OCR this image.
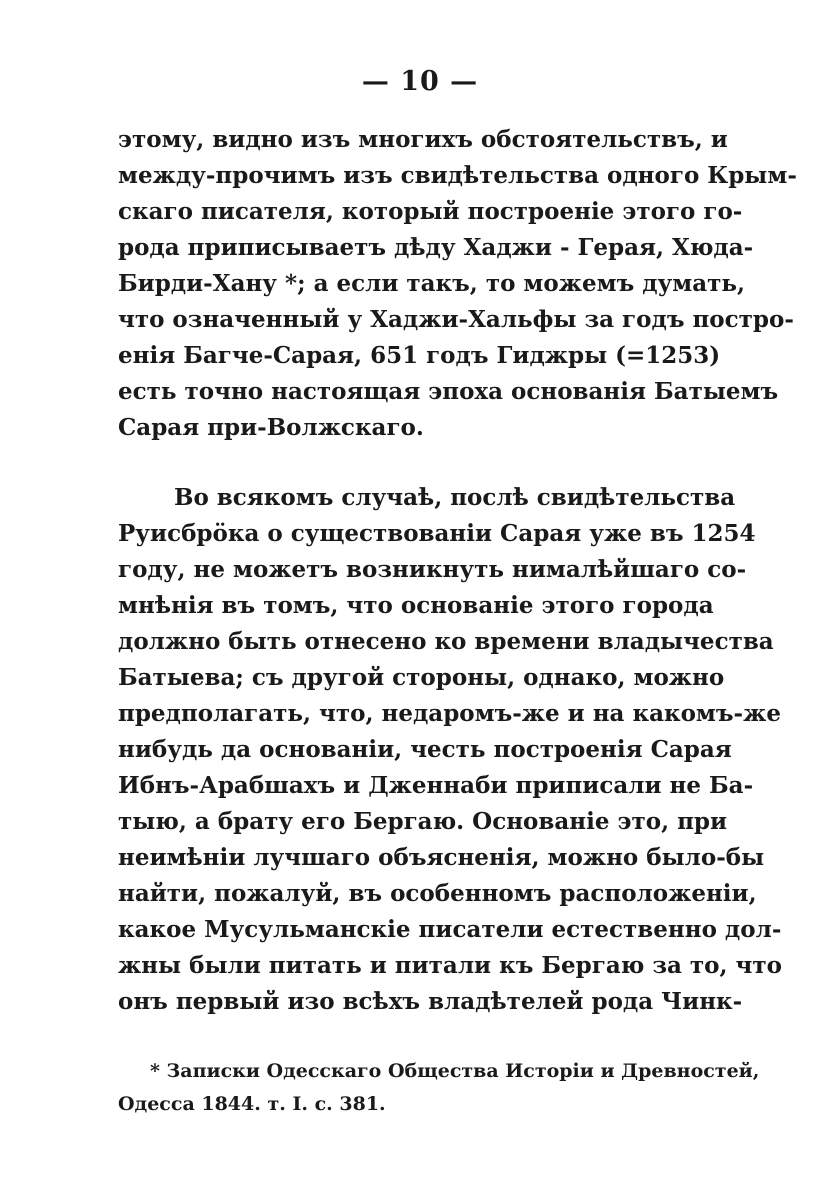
— 10 —
этому, видно изъ многихъ обстоятельствъ, и
между-прочимъ изъ свидѣтельства одного Крым-
скаго писателя, который построеніе этого го-
рода приписываетъ дѣду Хаджи - Герая, Хюда-
Бирди-Хану *; а если такъ, то можемъ думать,
что означенный у Хаджи-Хальфы за годъ постро-
енія Багче-Сарая, 651 годъ Гиджры (=1253)
есть точно настоящая эпоха основанія Батыемъ
Сарая при-Волжскаго.
Во всякомъ случаѣ, послѣ свидѣтельства
Руисбрӧка о существованіи Сарая уже въ 1254
году, не можетъ возникнуть нималѣйшаго со-
мнѣнія въ томъ, что основаніе этого города
должно быть отнесено ко времени владычества
Батыева; съ другой стороны, однако, можно
предполагать, что, недаромъ-же и на какомъ-же
нибудь да основаніи, честь построенія Сарая
Ибнъ-Арабшахъ и Дженнаби приписали не Ба-
тыю, а брату его Бергаю. Основаніе это, при
неимѣніи лучшаго объясненія, можно было-бы
найти, пожалуй, въ особенномъ расположеніи,
какое Мусульманскіе писатели естественно дол-
жны были питать и питали къ Бергаю за то, что
онъ первый изо всѣхъ владѣтелей рода Чинк-
* Записки Одесскаго Общества Исторіи и Древностей,
Одесса 1844. т. I. с. 381.
